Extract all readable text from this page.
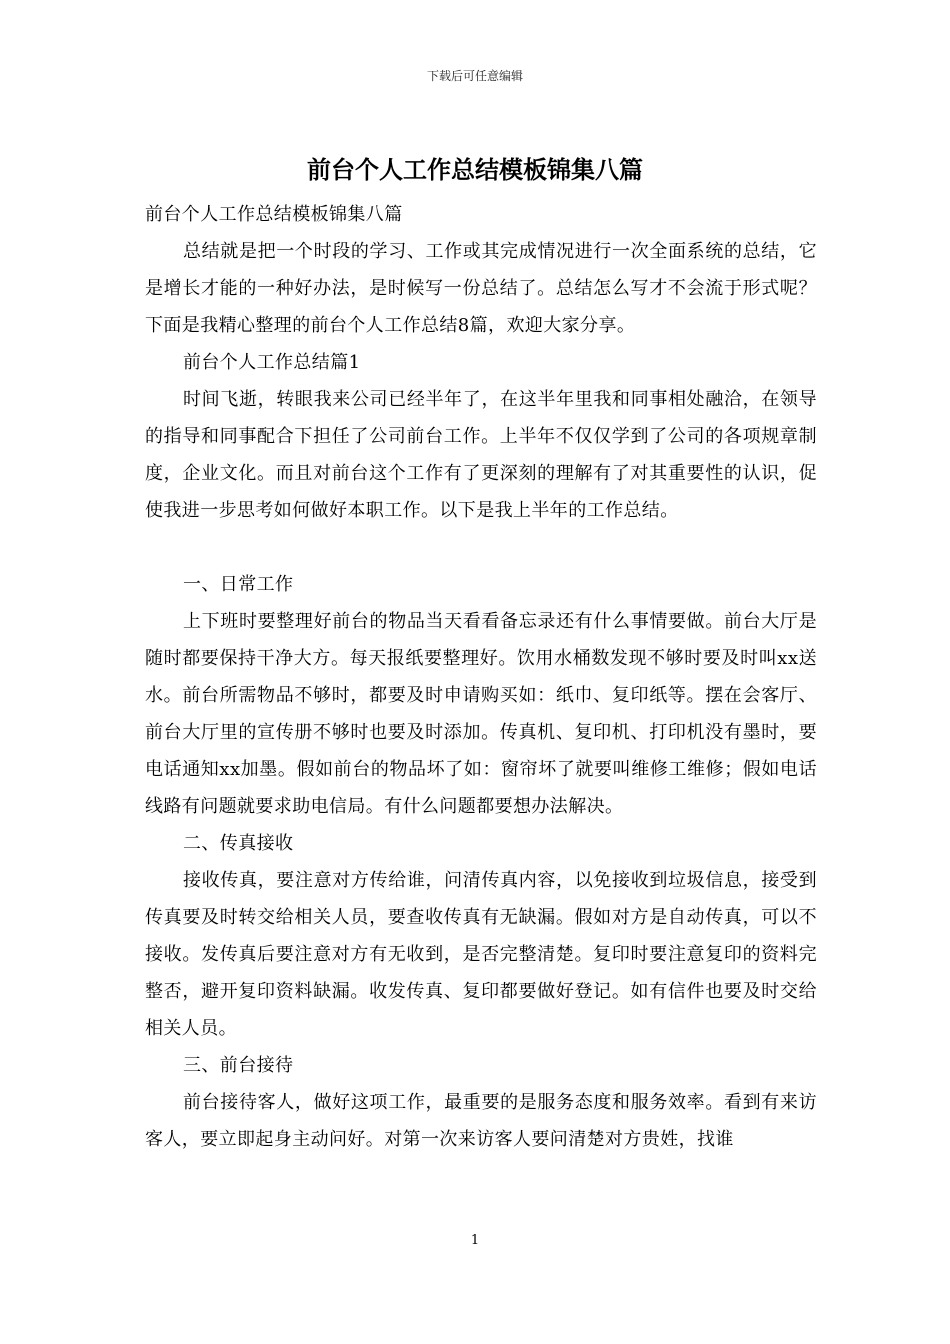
下载后可任意编辑
前台个人工作总结模板锦集八篇

前台个人工作总结模板锦集八篇

总结就是把一个时段的学习、工作或其完成情况进行一次全面系统的总结，它是增长才能的一种好办法，是时候写一份总结了。总结怎么写才不会流于形式呢？下面是我精心整理的前台个人工作总结8篇，欢迎大家分享。

前台个人工作总结篇1

时间飞逝，转眼我来公司已经半年了，在这半年里我和同事相处融洽，在领导的指导和同事配合下担任了公司前台工作。上半年不仅仅学到了公司的各项规章制度，企业文化。而且对前台这个工作有了更深刻的理解有了对其重要性的认识，促使我进一步思考如何做好本职工作。以下是我上半年的工作总结。

一、日常工作

上下班时要整理好前台的物品当天看看备忘录还有什么事情要做。前台大厅是随时都要保持干净大方。每天报纸要整理好。饮用水桶数发现不够时要及时叫xx送水。前台所需物品不够时，都要及时申请购买如：纸巾、复印纸等。摆在会客厅、前台大厅里的宣传册不够时也要及时添加。传真机、复印机、打印机没有墨时，要电话通知xx加墨。假如前台的物品坏了如：窗帘坏了就要叫维修工维修；假如电话线路有问题就要求助电信局。有什么问题都要想办法解决。

二、传真接收

接收传真，要注意对方传给谁，问清传真内容，以免接收到垃圾信息，接受到传真要及时转交给相关人员，要查收传真有无缺漏。假如对方是自动传真，可以不接收。发传真后要注意对方有无收到，是否完整清楚。复印时要注意复印的资料完整否，避开复印资料缺漏。收发传真、复印都要做好登记。如有信件也要及时交给相关人员。

三、前台接待

前台接待客人，做好这项工作，最重要的是服务态度和服务效率。看到有来访客人，要立即起身主动问好。对第一次来访客人要问清楚对方贵姓，找谁

1
